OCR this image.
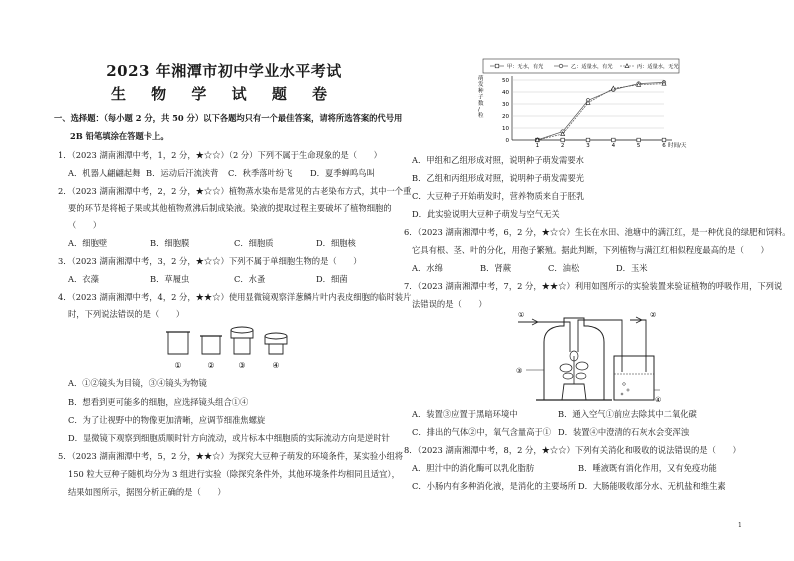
2023 年湘潭市初中学业水平考试
生 物 学 试 题 卷
一、选择题：（每小题 2 分，共 50 分）以下各题均只有一个最佳答案，请将所选答案的代号用
2B 铅笔填涂在答题卡上。
1．（2023 湖南湘潭中考，1，2 分，★☆☆）（2 分）下列不属于生命现象的是（　　）
A．机器人翩翩起舞 B．运动后汗流浃背 C．秋季落叶纷飞 D．夏季蝉鸣鸟叫
2．（2023 湖南湘潭中考，2，2 分，★☆☆）植物蒸水染布是常见的古老染布方式，其中一个重
要的环节是将栀子果或其他植物煮沸后制成染液。染液的提取过程主要破坏了植物细胞的
（　　）
A．细胞壁	B．细胞膜	C．细胞质	D．细胞核
3．（2023 湖南湘潭中考，3，2 分，★☆☆）下列不属于单细胞生物的是（　　）
A．衣藻	B．草履虫	C．水蚤	D．细菌
4．（2023 湖南湘潭中考，4，2 分，★★☆）使用显微镜观察洋葱鳞片叶内表皮细胞的临时装片
时，下列说法错误的是（　　）
①	②	③	④
A．①②镜头为目镜，③④镜头为物镜
B．想看到更可能多的细胞，应选择镜头组合①④
C．为了让视野中的物像更加清晰，应调节细准焦螺旋
D．显微镜下观察到细胞质顺时针方向流动，或片标本中细胞质的实际流动方向是逆时针
5．（2023 湖南湘潭中考，5，2 分，★★☆）为探究大豆种子萌发的环境条件，某实验小组将
150 粒大豆种子随机均分为 3 组进行实验（除探究条件外，其他环境条件均相同且适宜），
结果如图所示，据图分析正确的是（　　）
甲：无水，有光	乙：适量水，有光	丙：适量水，无光
萌发种子数/粒
0
10
20
30
40
50
1	2	3	4	5	6 时间/天
A．甲组和乙组形成对照，说明种子萌发需要水
B．乙组和丙组形成对照，说明种子萌发需要光
C．大豆种子开始萌发时，营养物质来自于胚乳
D．此实验说明大豆种子萌发与空气无关
6．（2023 湖南湘潭中考，6，2 分，★☆☆）生长在水田、池塘中的满江红，是一种优良的绿肥和饲料。
它具有根、茎、叶的分化，用孢子繁殖。据此判断，下列植物与满江红相似程度最高的是（　　）
A．水绵	B．肾蕨	C．油松	D．玉米
7．（2023 湖南湘潭中考，7，2 分，★★☆）利用如图所示的实验装置来验证植物的呼吸作用，下列说
法错误的是（　　）
①	②
③
④
A．装置③应置于黑暗环境中	B．通入空气①前应去除其中二氧化碳
C．排出的气体②中，氧气含量高于① D．装置④中澄清的石灰水会变浑浊
8．（2023 湖南湘潭中考，8，2 分，★☆☆）下列有关消化和吸收的说法错误的是（　　）
A．胆汁中的消化酶可以乳化脂肪	B．唾液既有消化作用，又有免疫功能
C．小肠内有多种消化液，是消化的主要场所 D．大肠能吸收部分水、无机盐和维生素
1
